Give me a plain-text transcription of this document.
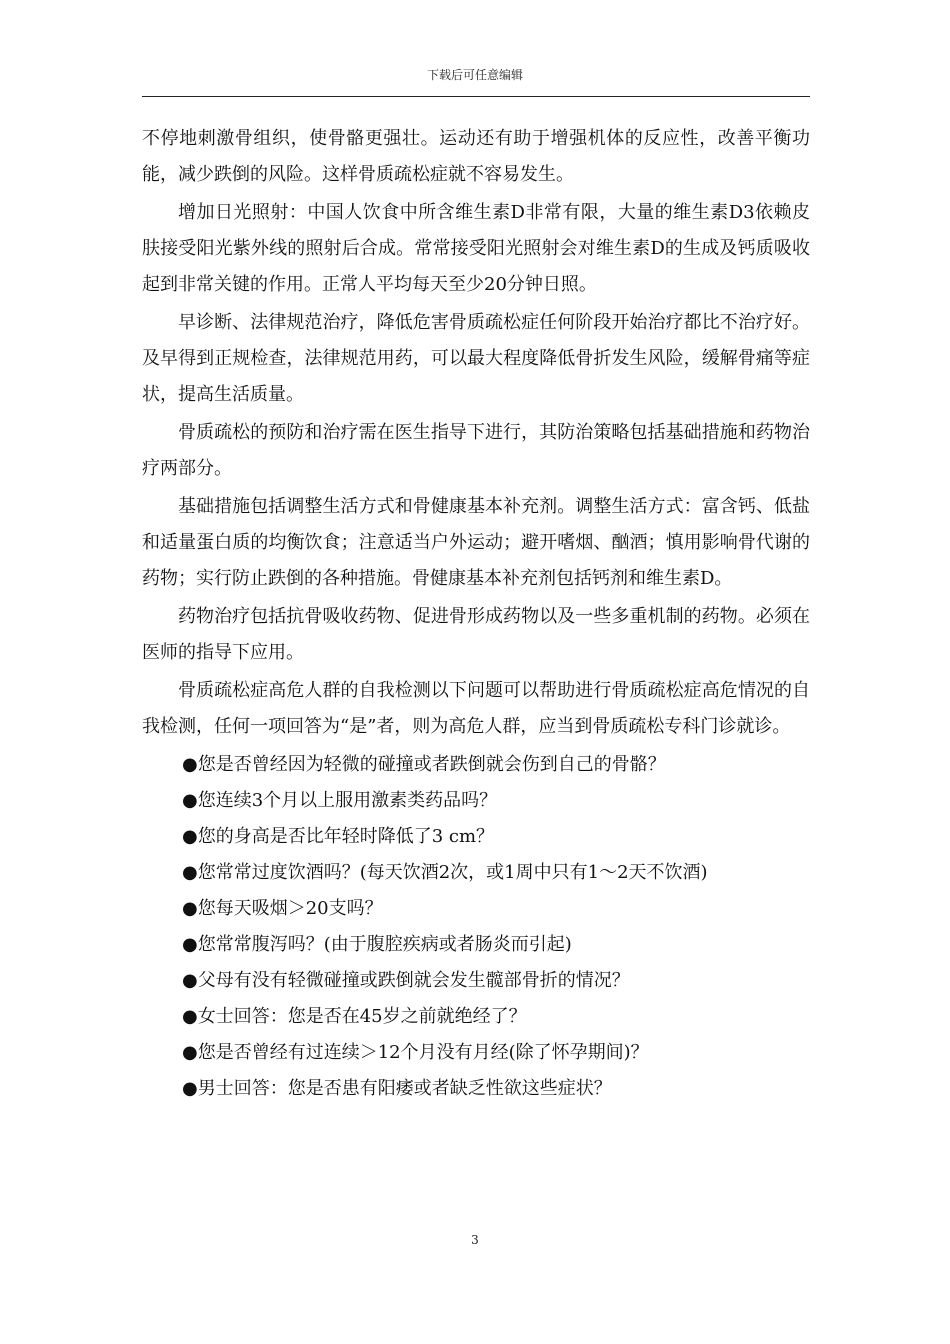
下载后可任意编辑

不停地刺激骨组织，使骨骼更强壮。运动还有助于增强机体的反应性，改善平衡功能，减少跌倒的风险。这样骨质疏松症就不容易发生。

增加日光照射：中国人饮食中所含维生素D非常有限，大量的维生素D3依赖皮肤接受阳光紫外线的照射后合成。常常接受阳光照射会对维生素D的生成及钙质吸收起到非常关键的作用。正常人平均每天至少20分钟日照。

早诊断、法律规范治疗，降低危害骨质疏松症任何阶段开始治疗都比不治疗好。及早得到正规检查，法律规范用药，可以最大程度降低骨折发生风险，缓解骨痛等症状，提高生活质量。

骨质疏松的预防和治疗需在医生指导下进行，其防治策略包括基础措施和药物治疗两部分。

基础措施包括调整生活方式和骨健康基本补充剂。调整生活方式：富含钙、低盐和适量蛋白质的均衡饮食；注意适当户外运动；避开嗜烟、酗酒；慎用影响骨代谢的药物；实行防止跌倒的各种措施。骨健康基本补充剂包括钙剂和维生素D。

药物治疗包括抗骨吸收药物、促进骨形成药物以及一些多重机制的药物。必须在医师的指导下应用。

骨质疏松症高危人群的自我检测以下问题可以帮助进行骨质疏松症高危情况的自我检测，任何一项回答为“是”者，则为高危人群，应当到骨质疏松专科门诊就诊。

●您是否曾经因为轻微的碰撞或者跌倒就会伤到自己的骨骼？

●您连续3个月以上服用激素类药品吗？

●您的身高是否比年轻时降低了3 cm？

●您常常过度饮酒吗？(每天饮酒2次，或1周中只有1～2天不饮酒)

●您每天吸烟＞20支吗？

●您常常腹泻吗？(由于腹腔疾病或者肠炎而引起)

●父母有没有轻微碰撞或跌倒就会发生髋部骨折的情况？

●女士回答：您是否在45岁之前就绝经了？

●您是否曾经有过连续＞12个月没有月经(除了怀孕期间)？

●男士回答：您是否患有阳痿或者缺乏性欲这些症状？

3
